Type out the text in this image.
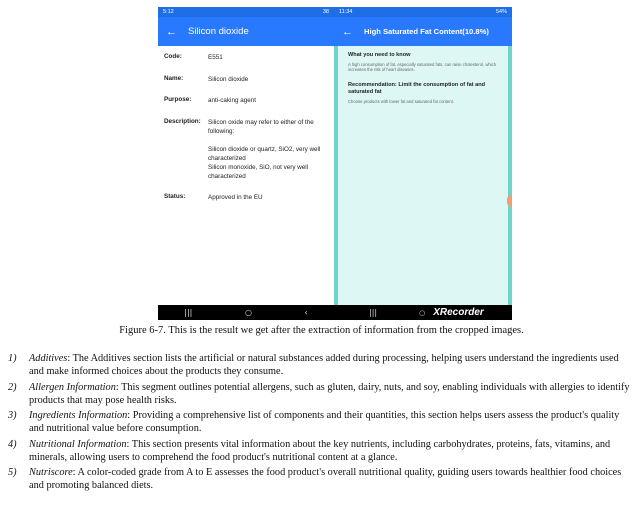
5:12	38
←	Silicon dioxide
Code:	E551
Name:	Silicon dioxide
Purpose:	anti-caking agent
Description:	Silicon oxide may refer to either of the following:

Silicon dioxide or quartz, SiO2, very well characterized
Silicon monoxide, SiO, not very well characterized
Status:	Approved in the EU
|||	○	‹
11:34	54%
←	High Saturated Fat Content(10.8%)
What you need to know
A high consumption of fat, especially saturated fats, can raise cholesterol, which increases the risk of heart diseases.
Recommendation: Limit the consumption of fat and saturated fat
Choose products with lower fat and saturated fat content.
|||	○ XRecorder
Figure 6-7. This is the result we get after the extraction of information from the cropped images.
1) Additives: The Additives section lists the artificial or natural substances added during processing, helping users understand the ingredients used and make informed choices about the products they consume.
2) Allergen Information: This segment outlines potential allergens, such as gluten, dairy, nuts, and soy, enabling individuals with allergies to identify products that may pose health risks.
3) Ingredients Information: Providing a comprehensive list of components and their quantities, this section helps users assess the product's quality and nutritional value before consumption.
4) Nutritional Information: This section presents vital information about the key nutrients, including carbohydrates, proteins, fats, vitamins, and minerals, allowing users to comprehend the food product's nutritional content at a glance.
5) Nutriscore: A color-coded grade from A to E assesses the food product's overall nutritional quality, guiding users towards healthier food choices and promoting balanced diets.
